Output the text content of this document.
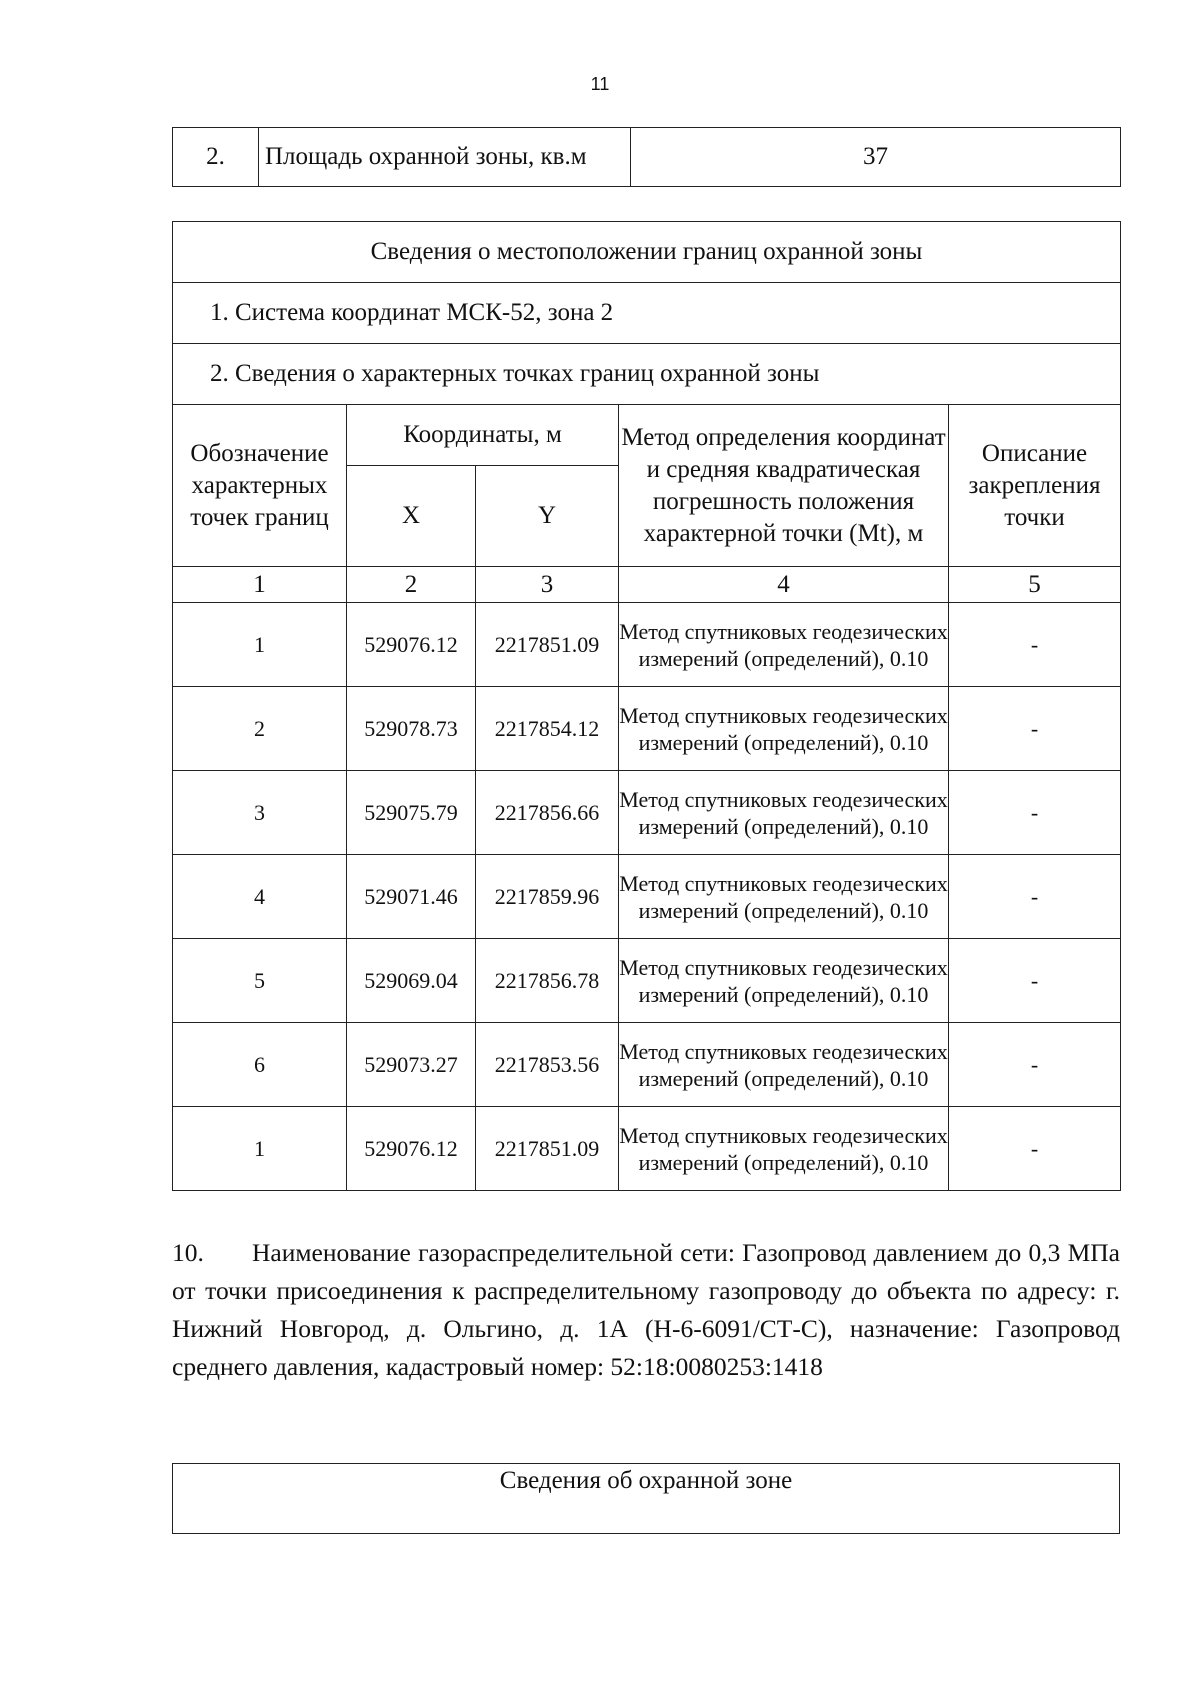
11
2.	Площадь охранной зоны, кв.м	37
Сведения о местоположении границ охранной зоны				
1. Система координат МСК-52, зона 2				
2. Сведения о характерных точках границ охранной зоны				
Обозначение характерных точек границ	Координаты, м		Метод определения координат и средняя квадратическая погрешность положения характерной точки (Mt), м	Описание закрепления точки
	X	Y		
1	2	3	4	5
1	529076.12	2217851.09	Метод спутниковых геодезических измерений (определений), 0.10	-
2	529078.73	2217854.12	Метод спутниковых геодезических измерений (определений), 0.10	-
3	529075.79	2217856.66	Метод спутниковых геодезических измерений (определений), 0.10	-
4	529071.46	2217859.96	Метод спутниковых геодезических измерений (определений), 0.10	-
5	529069.04	2217856.78	Метод спутниковых геодезических измерений (определений), 0.10	-
6	529073.27	2217853.56	Метод спутниковых геодезических измерений (определений), 0.10	-
1	529076.12	2217851.09	Метод спутниковых геодезических измерений (определений), 0.10	-

10. Наименование газораспределительной сети: Газопровод давлением до 0,3 МПа от точки присоединения к распределительному газопроводу до объекта по адресу: г. Нижний Новгород, д. Ольгино, д. 1А (Н-6-6091/СТ-С), назначение: Газопровод среднего давления, кадастровый номер: 52:18:0080253:1418

Сведения об охранной зоне
